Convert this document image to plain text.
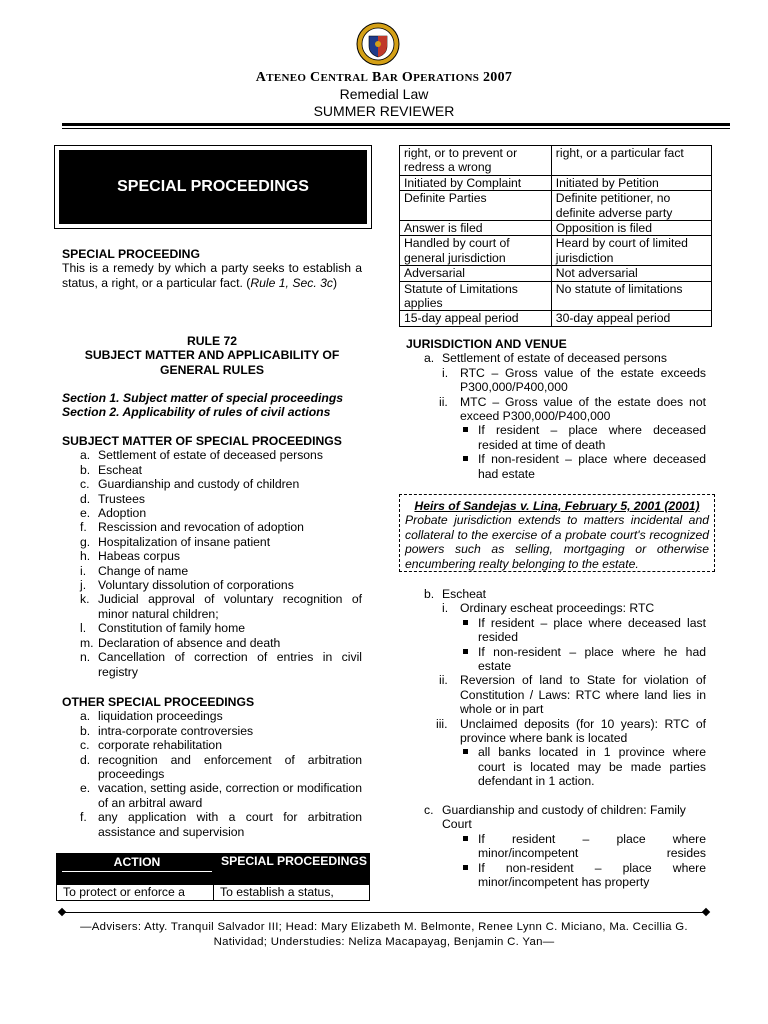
ATENEO CENTRAL BAR OPERATIONS 2007
Remedial Law
SUMMER REVIEWER
SPECIAL PROCEEDINGS
SPECIAL PROCEEDING
This is a remedy by which a party seeks to establish a status, a right, or a particular fact. (Rule 1, Sec. 3c)
RULE 72
SUBJECT MATTER AND APPLICABILITY OF
GENERAL RULES
Section 1. Subject matter of special proceedings
Section 2. Applicability of rules of civil actions
SUBJECT MATTER OF SPECIAL PROCEEDINGS
a. Settlement of estate of deceased persons
b. Escheat
c. Guardianship and custody of children
d. Trustees
e. Adoption
f. Rescission and revocation of adoption
g. Hospitalization of insane patient
h. Habeas corpus
i. Change of name
j. Voluntary dissolution of corporations
k. Judicial approval of voluntary recognition of minor natural children;
l. Constitution of family home
m. Declaration of absence and death
n. Cancellation of correction of entries in civil registry
OTHER SPECIAL PROCEEDINGS
a. liquidation proceedings
b. intra-corporate controversies
c. corporate rehabilitation
d. recognition and enforcement of arbitration proceedings
e. vacation, setting aside, correction or modification of an arbitral award
f. any application with a court for arbitration assistance and supervision
ACTION	SPECIAL PROCEEDINGS
To protect or enforce a	To establish a status,
right, or to prevent or redress a wrong	right, or a particular fact
Initiated by Complaint	Initiated by Petition
Definite Parties	Definite petitioner, no definite adverse party
Answer is filed	Opposition is filed
Handled by court of general jurisdiction	Heard by court of limited jurisdiction
Adversarial	Not adversarial
Statute of Limitations applies	No statute of limitations
15-day appeal period	30-day appeal period
JURISDICTION AND VENUE
a. Settlement of estate of deceased persons
i. RTC – Gross value of the estate exceeds P300,000/P400,000
ii. MTC – Gross value of the estate does not exceed P300,000/P400,000
If resident – place where deceased resided at time of death
If non-resident – place where deceased had estate
Heirs of Sandejas v. Lina, February 5, 2001 (2001)
Probate jurisdiction extends to matters incidental and collateral to the exercise of a probate court's recognized powers such as selling, mortgaging or otherwise encumbering realty belonging to the estate.
b. Escheat
i. Ordinary escheat proceedings: RTC
If resident – place where deceased last resided
If non-resident – place where he had estate
ii. Reversion of land to State for violation of Constitution / Laws: RTC where land lies in whole or in part
iii. Unclaimed deposits (for 10 years): RTC of province where bank is located
all banks located in 1 province where court is located may be made parties defendant in 1 action.
c. Guardianship and custody of children: Family Court
If resident – place where minor/incompetent resides
If non-resident – place where minor/incompetent has property
—Advisers: Atty. Tranquil Salvador III; Head: Mary Elizabeth M. Belmonte, Renee Lynn C. Miciano, Ma. Cecillia G.
Natividad; Understudies: Neliza Macapayag, Benjamin C. Yan—
